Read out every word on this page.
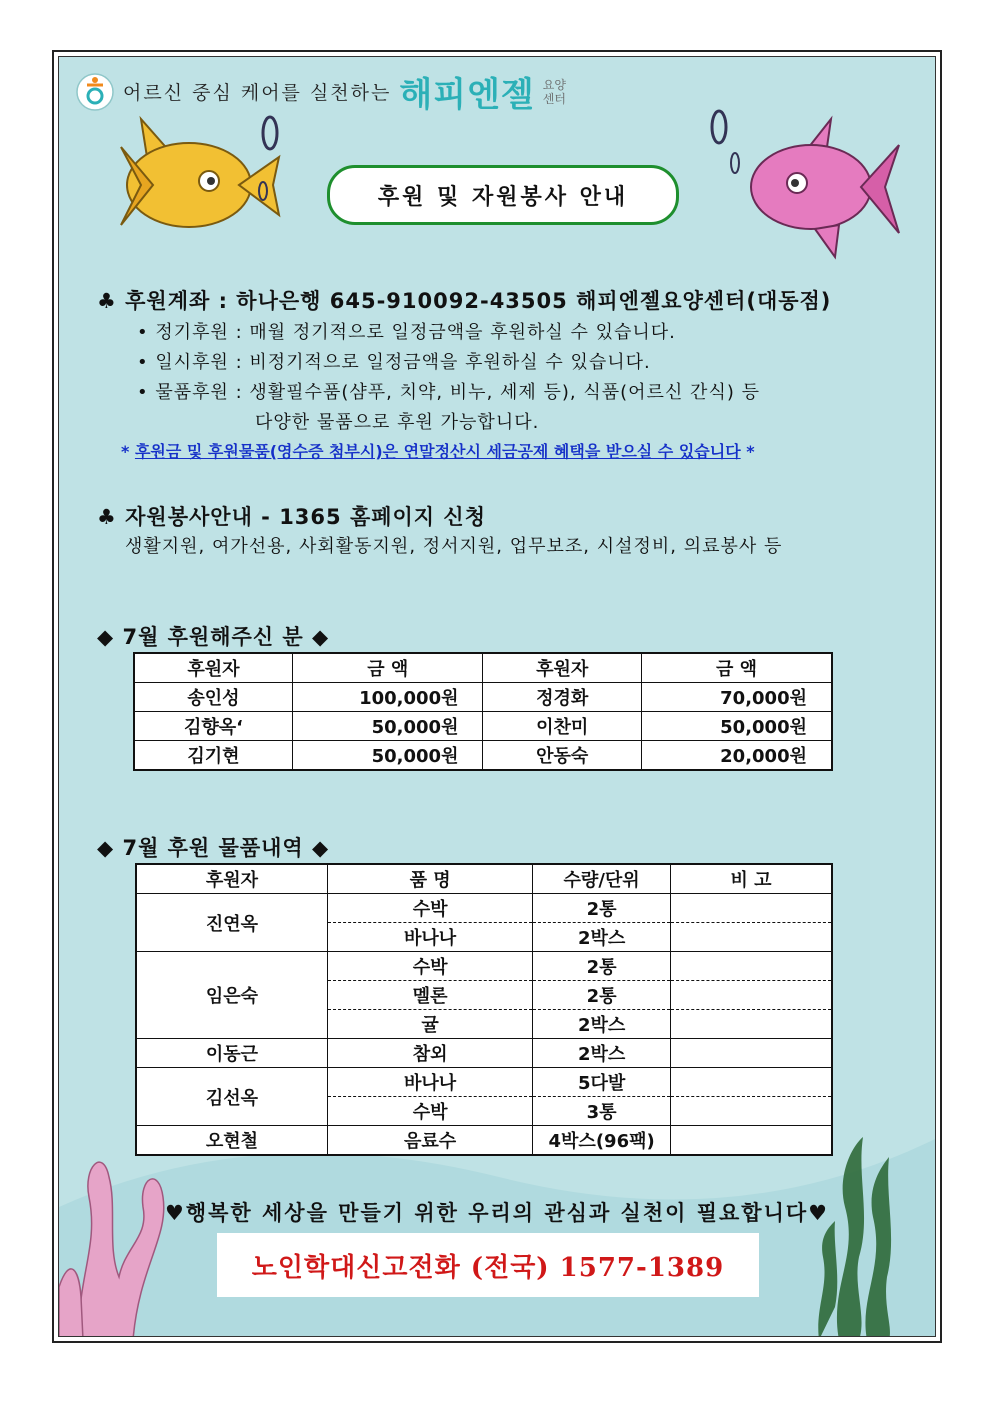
어르신 중심 케어를 실천하는 해피엔젤 요양
센터
후원 및 자원봉사 안내
♣ 후원계좌 : 하나은행 645-910092-43505 해피엔젤요양센터(대동점)
• 정기후원 : 매월 정기적으로 일정금액을 후원하실 수 있습니다.
• 일시후원 : 비정기적으로 일정금액을 후원하실 수 있습니다.
• 물품후원 : 생활필수품(샴푸, 치약, 비누, 세제 등), 식품(어르신 간식) 등
다양한 물품으로 후원 가능합니다.
* 후원금 및 후원물품(영수증 첨부시)은 연말정산시 세금공제 혜택을 받으실 수 있습니다 *
♣ 자원봉사안내 - 1365 홈페이지 신청
생활지원, 여가선용, 사회활동지원, 정서지원, 업무보조, 시설정비, 의료봉사 등
◆ 7월 후원해주신 분 ◆
후원자	금 액	후원자	금 액
송인성	100,000원	정경화	70,000원
김향옥‘	50,000원	이찬미	50,000원
김기현	50,000원	안동숙	20,000원
◆ 7월 후원 물품내역 ◆
후원자	품 명	수량/단위	비 고
진연옥	수박	2통	
	바나나	2박스	
임은숙	수박	2통	
	멜론	2통	
	귤	2박스	
이동근	참외	2박스	
김선옥	바나나	5다발	
	수박	3통	
오현철	음료수	4박스(96팩)	
♥행복한 세상을 만들기 위한 우리의 관심과 실천이 필요합니다♥
노인학대신고전화 (전국) 1577-1389
